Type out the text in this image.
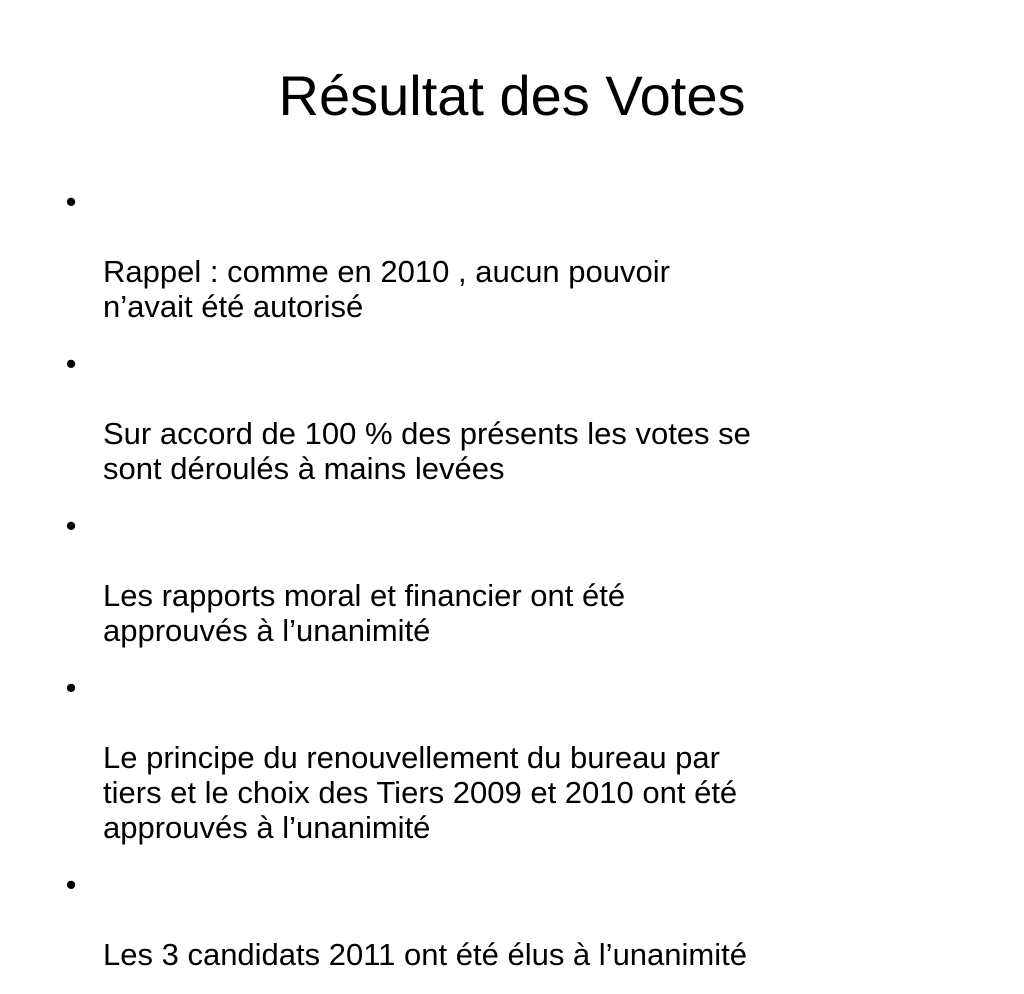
Résultat des Votes

•

Rappel : comme en 2010 , aucun pouvoir
n’avait été autorisé

•

Sur accord de 100 % des présents les votes se
sont déroulés à mains levées

•

Les rapports moral et financier ont été
approuvés à l’unanimité

•

Le principe du renouvellement du bureau par
tiers et le choix des Tiers 2009 et 2010 ont été
approuvés à l’unanimité

•

Les 3 candidats 2011 ont été élus à l’unanimité
